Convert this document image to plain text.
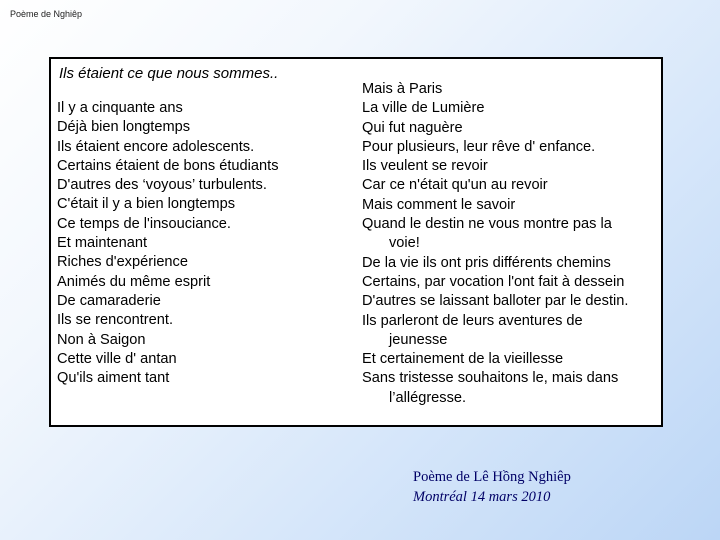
Poème de Nghiêp
Ils étaient ce que nous sommes..
Il y a cinquante ans
Déjà bien longtemps
Ils étaient encore adolescents.
Certains étaient de bons étudiants
D'autres des ‘voyous’ turbulents.
C'était il y a bien longtemps
Ce temps de l'insouciance.
Et maintenant
Riches d'expérience
Animés du même esprit
De camaraderie
Ils se rencontrent.
Non à Saigon
Cette ville d' antan
Qu'ils aiment tant
Mais à Paris
La ville de Lumière
Qui fut naguère
Pour plusieurs, leur rêve d' enfance.
Ils veulent se revoir
Car ce n'était qu'un au revoir
Mais comment le savoir
Quand le destin ne vous montre pas la
voie!
De la vie ils ont pris différents chemins
Certains, par vocation l'ont fait à dessein
D'autres se laissant balloter par le destin.
Ils parleront de leurs aventures de
jeunesse
Et certainement de la vieillesse
Sans tristesse souhaitons le, mais dans
l’allégresse.
Poème de Lê Hồng Nghiêp
Montréal 14 mars 2010
